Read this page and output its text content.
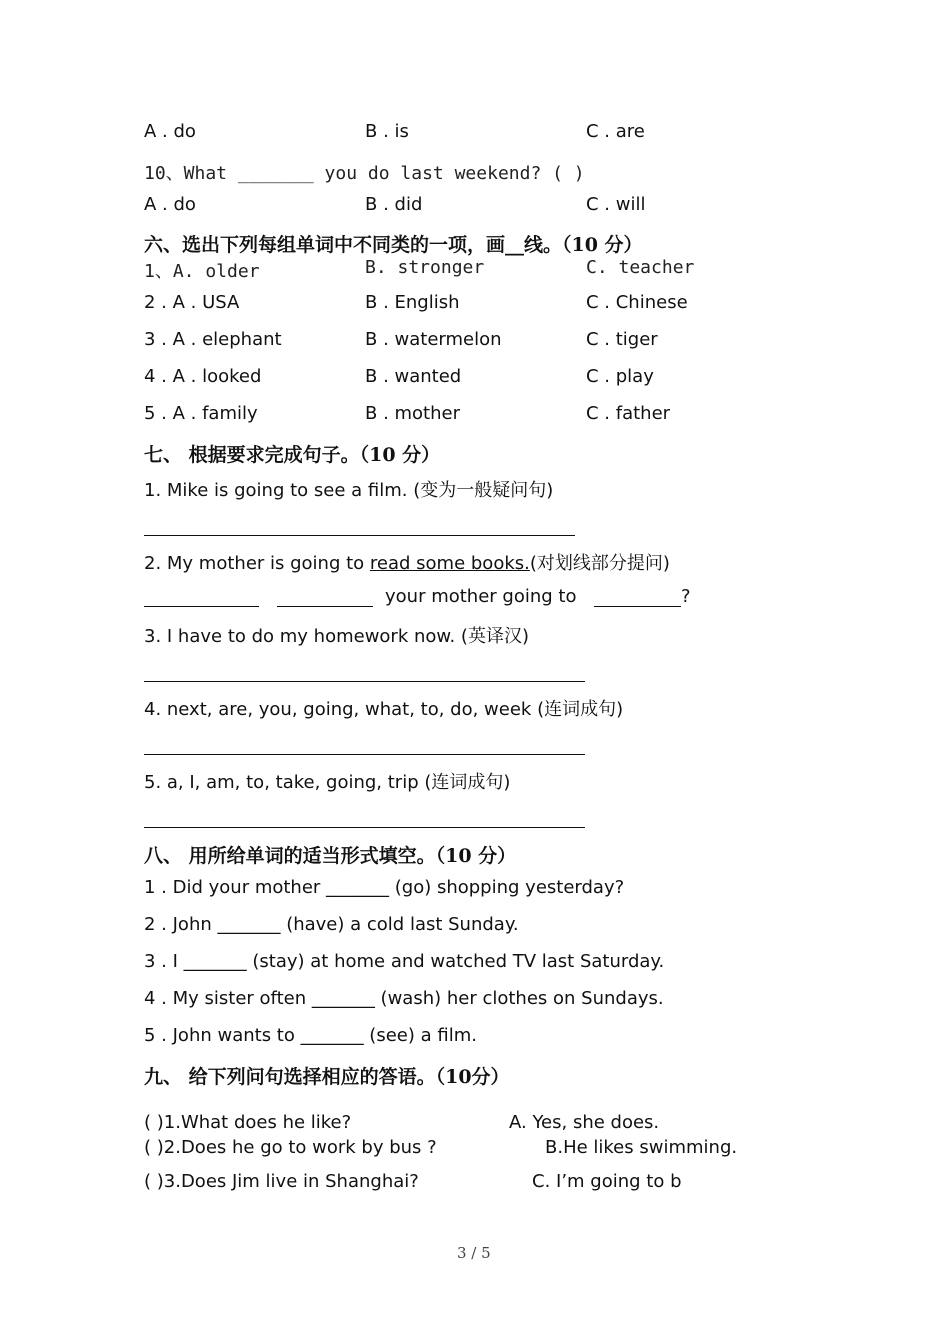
A . do	B . is	C . are
10、What _______ you do last weekend? ( )
A . do	B . did	C . will
六、选出下列每组单词中不同类的一项，画__线。（10 分）
1、A. older	B. stronger	C. teacher
2 . A . USA	B . English	C . Chinese
3 . A . elephant	B . watermelon	C . tiger
4 . A . looked	B . wanted	C . play
5 . A . family	B . mother	C . father
七、 根据要求完成句子。（10 分）
1. Mike is going to see a film. (变为一般疑问句)
2. My mother is going to read some books.(对划线部分提问)
your mother going to	?
3. I have to do my homework now. (英译汉)
4. next, are, you, going, what, to, do, week (连词成句)
5. a, I, am, to, take, going, trip (连词成句)
八、 用所给单词的适当形式填空。（10 分）
1 . Did your mother _______ (go) shopping yesterday?
2 . John _______ (have) a cold last Sunday.
3 . I _______ (stay) at home and watched TV last Saturday.
4 . My sister often _______ (wash) her clothes on Sundays.
5 . John wants to _______ (see) a film.
九、 给下列问句选择相应的答语。（10分）
( )1.What does he like?	A. Yes, she does.
( )2.Does he go to work by bus ?	B.He likes swimming.
( )3.Does Jim live in Shanghai?	C. I’m going to b
3 / 5
